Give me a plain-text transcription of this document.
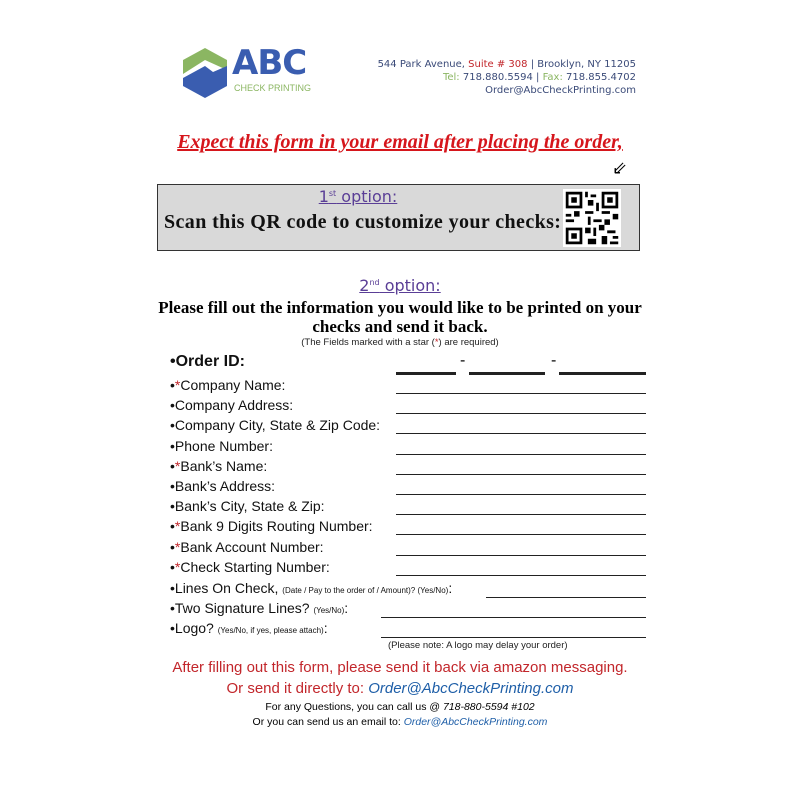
ABC
CHECK PRINTING
544 Park Avenue, Suite # 308 | Brooklyn, NY 11205
Tel: 718.880.5594 | Fax: 718.855.4702
Order@AbcCheckPrinting.com
Expect this form in your email after placing the order,
⇙
1st option:
Scan this QR code to customize your checks:
2nd option:
Please fill out the information you would like to be printed on your
checks and send it back.
(The Fields marked with a star (*) are required)
•Order ID:	-	-
•*Company Name:
•Company Address:
•Company City, State & Zip Code:
•Phone Number:
•*Bank’s Name:
•Bank’s Address:
•Bank’s City, State & Zip:
•*Bank 9 Digits Routing Number:
•*Bank Account Number:
•*Check Starting Number:
•Lines On Check, (Date / Pay to the order of / Amount)? (Yes/No):
•Two Signature Lines? (Yes/No):
•Logo? (Yes/No, if yes, please attach):
(Please note: A logo may delay your order)
After filling out this form, please send it back via amazon messaging.
Or send it directly to: Order@AbcCheckPrinting.com
For any Questions, you can call us @ 718-880-5594 #102
Or you can send us an email to: Order@AbcCheckPrinting.com
